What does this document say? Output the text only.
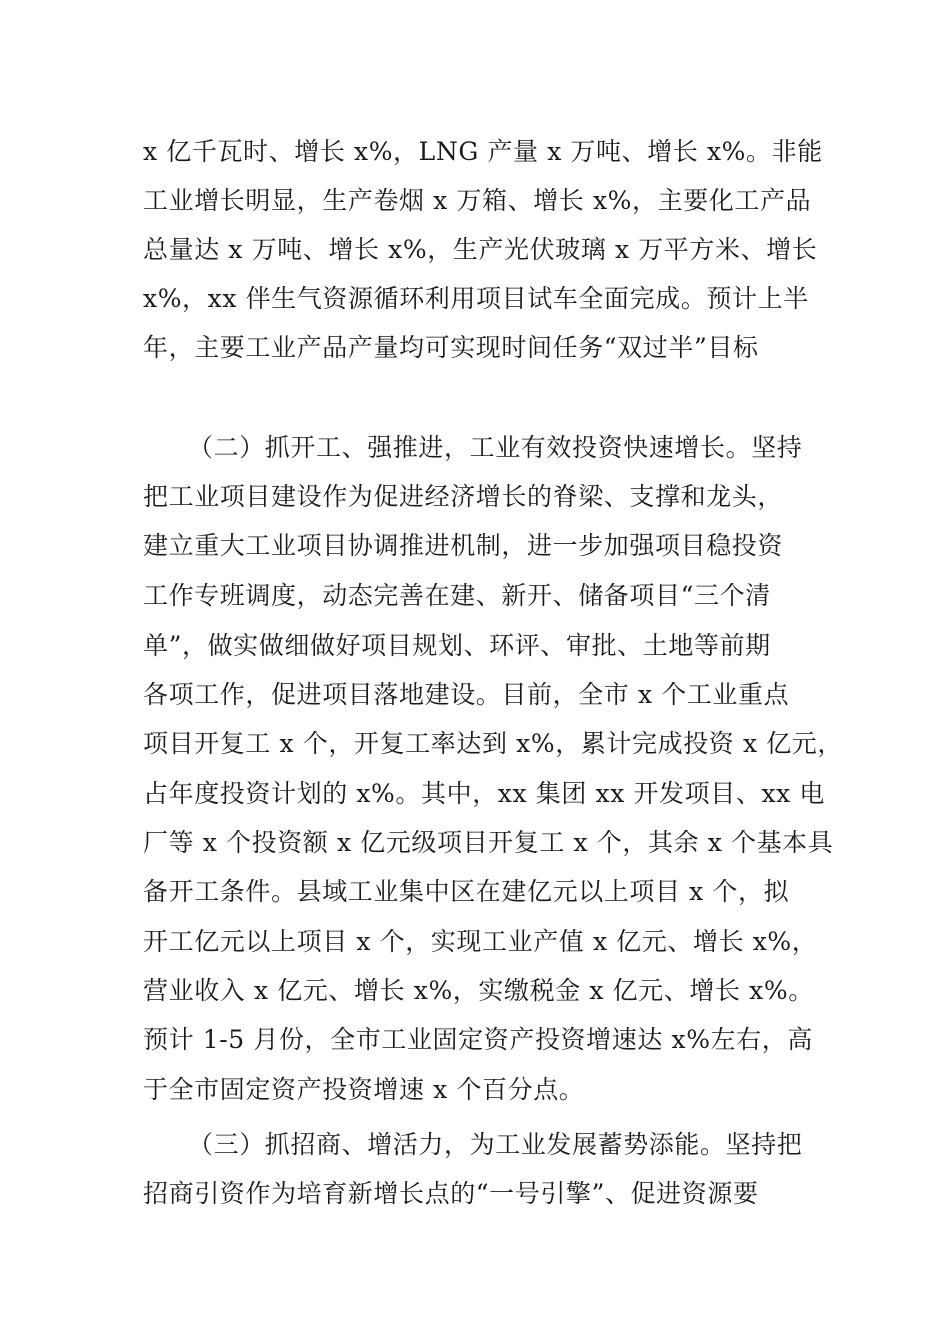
x 亿千瓦时、增长 x%，LNG 产量 x 万吨、增长 x%。非能
工业增长明显，生产卷烟 x 万箱、增长 x%，主要化工产品
总量达 x 万吨、增长 x%，生产光伏玻璃 x 万平方米、增长
x%，xx 伴生气资源循环利用项目试车全面完成。预计上半
年，主要工业产品产量均可实现时间任务“双过半”目标
（二）抓开工、强推进，工业有效投资快速增长。坚持
把工业项目建设作为促进经济增长的脊梁、支撑和龙头，
建立重大工业项目协调推进机制，进一步加强项目稳投资
工作专班调度，动态完善在建、新开、储备项目“三个清
单”，做实做细做好项目规划、环评、审批、土地等前期
各项工作，促进项目落地建设。目前，全市 x 个工业重点
项目开复工 x 个，开复工率达到 x%，累计完成投资 x 亿元，
占年度投资计划的 x%。其中，xx 集团 xx 开发项目、xx 电
厂等 x 个投资额 x 亿元级项目开复工 x 个，其余 x 个基本具
备开工条件。县域工业集中区在建亿元以上项目 x 个，拟
开工亿元以上项目 x 个，实现工业产值 x 亿元、增长 x%，
营业收入 x 亿元、增长 x%，实缴税金 x 亿元、增长 x%。
预计 1-5 月份，全市工业固定资产投资增速达 x%左右，高
于全市固定资产投资增速 x 个百分点。
（三）抓招商、增活力，为工业发展蓄势添能。坚持把
招商引资作为培育新增长点的“一号引擎”、促进资源要
